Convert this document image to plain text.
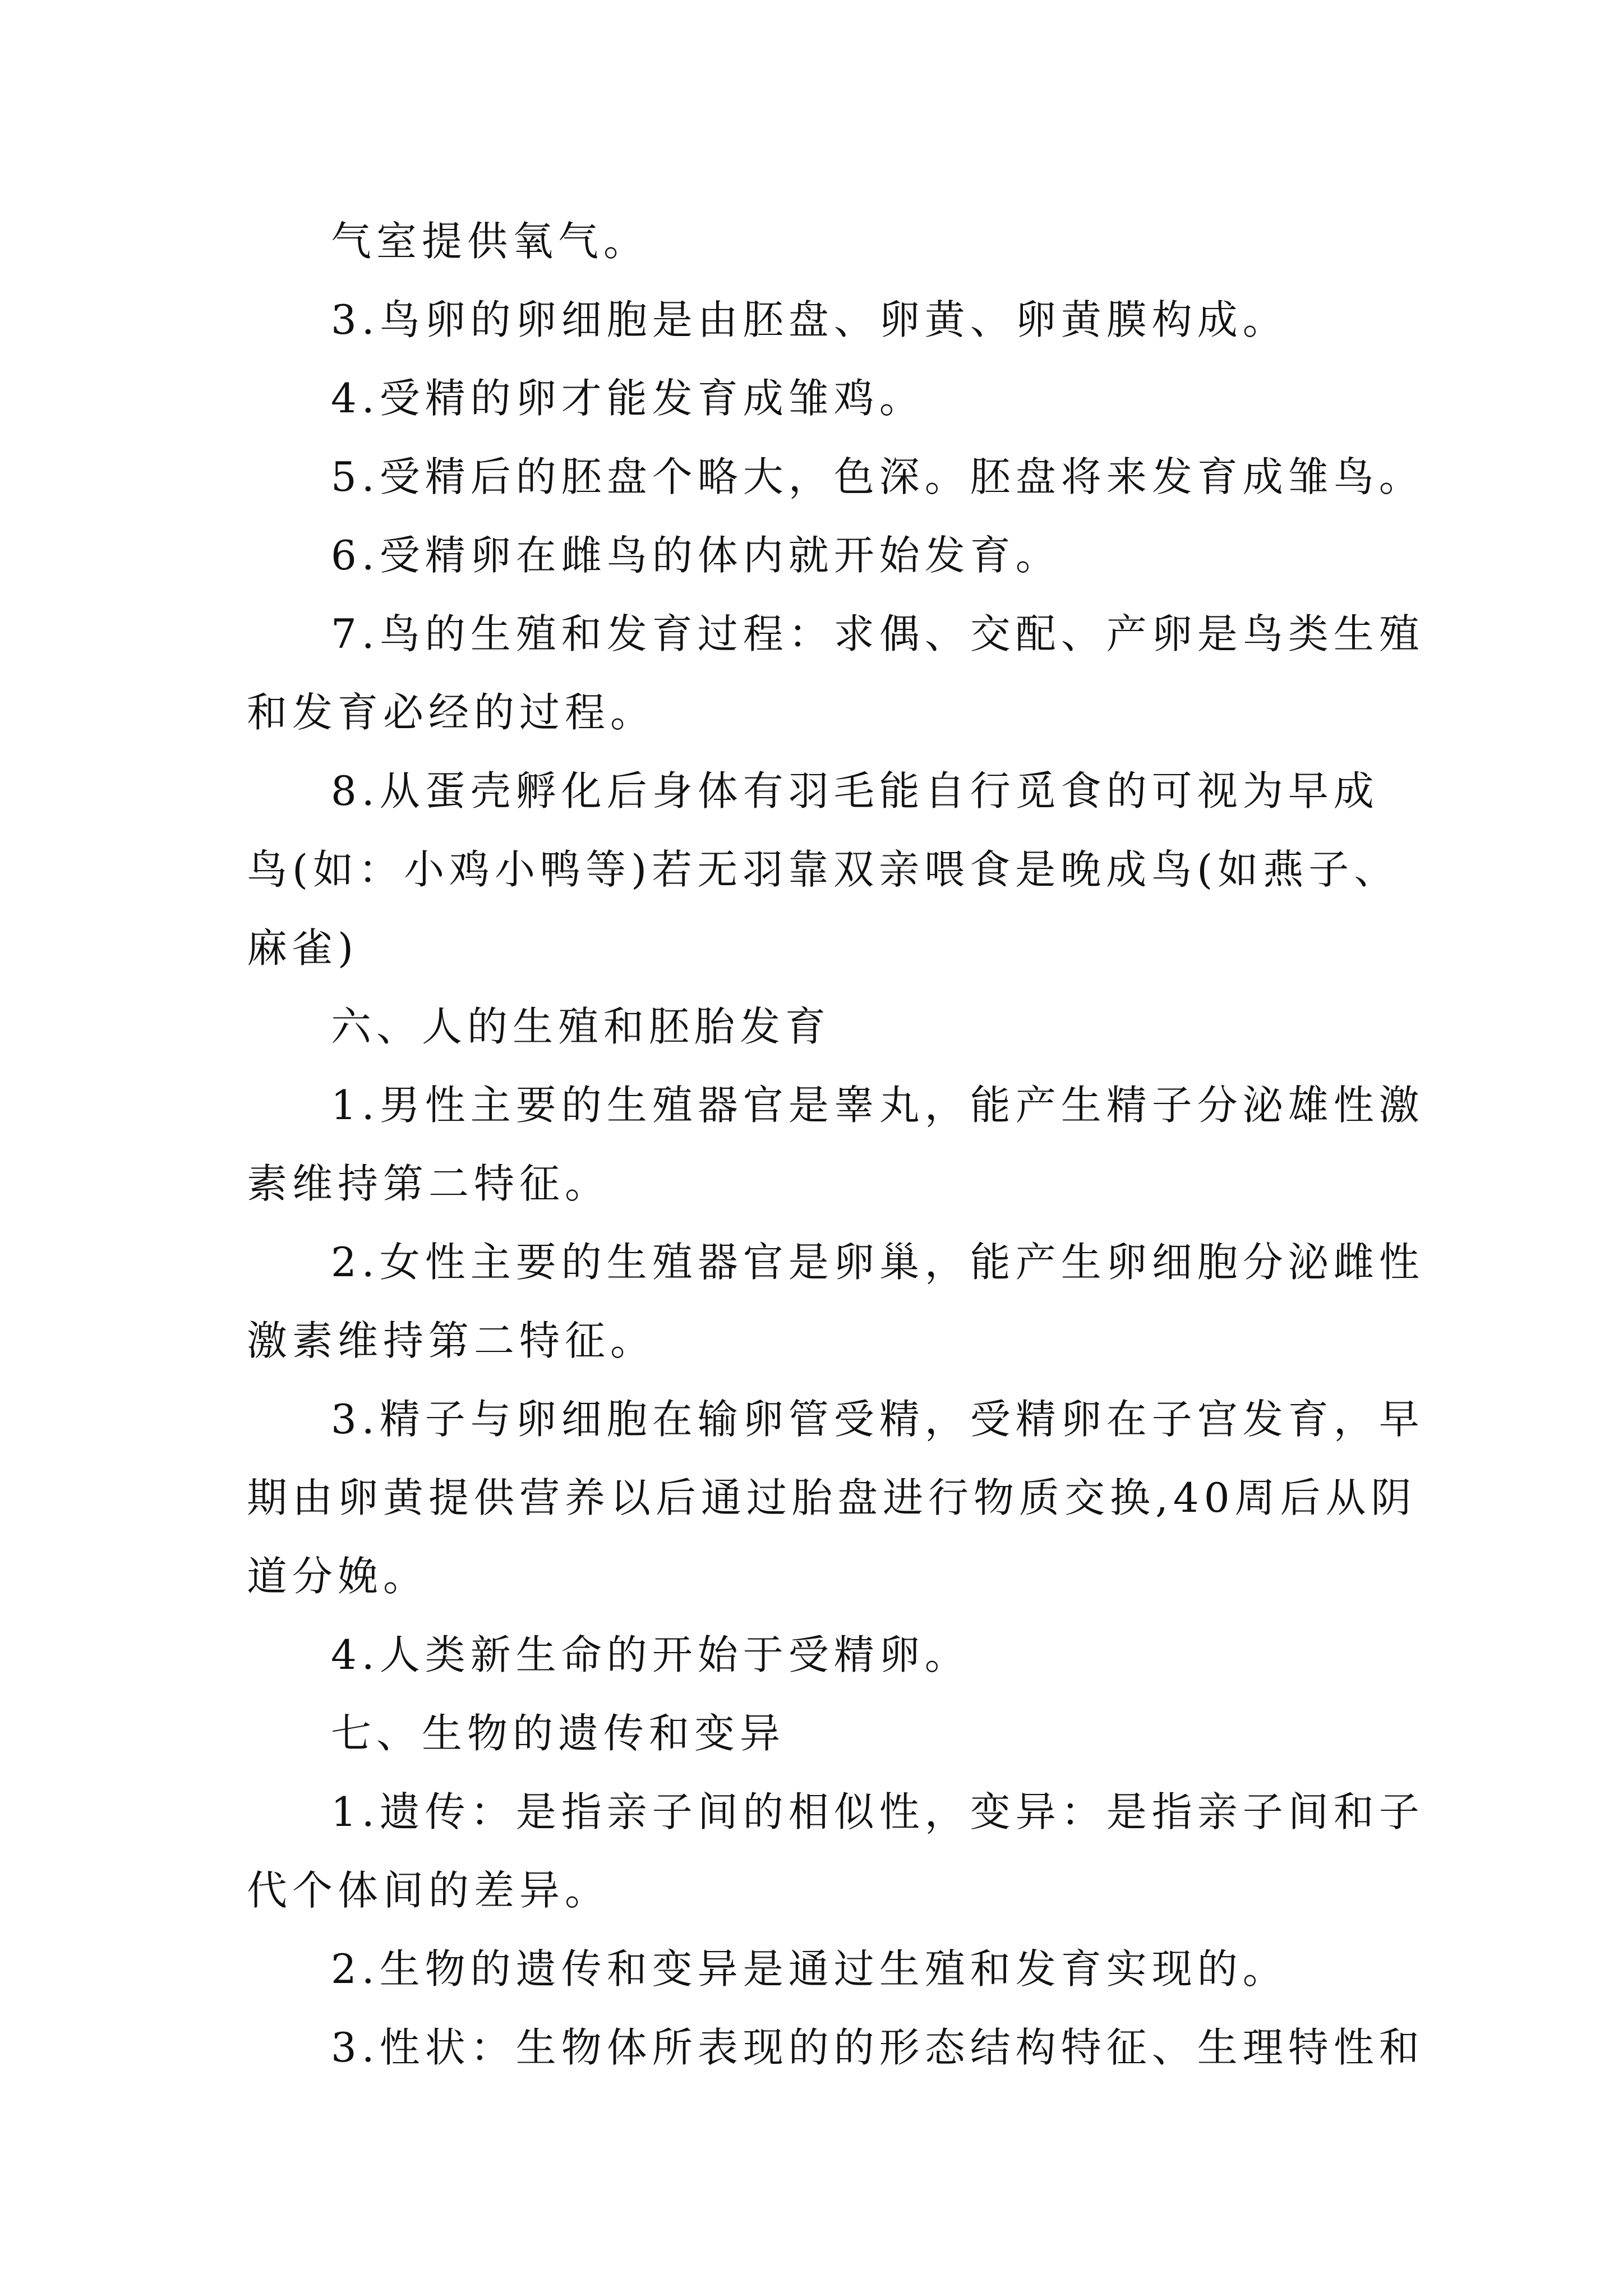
气室提供氧气。
3.鸟卵的卵细胞是由胚盘、卵黄、卵黄膜构成。
4.受精的卵才能发育成雏鸡。
5.受精后的胚盘个略大，色深。胚盘将来发育成雏鸟。
6.受精卵在雌鸟的体内就开始发育。
7.鸟的生殖和发育过程：求偶、交配、产卵是鸟类生殖
和发育必经的过程。
8.从蛋壳孵化后身体有羽毛能自行觅食的可视为早成
鸟(如：小鸡小鸭等)若无羽靠双亲喂食是晚成鸟(如燕子、
麻雀)
六、人的生殖和胚胎发育
1.男性主要的生殖器官是睾丸，能产生精子分泌雄性激
素维持第二特征。
2.女性主要的生殖器官是卵巢，能产生卵细胞分泌雌性
激素维持第二特征。
3.精子与卵细胞在输卵管受精，受精卵在子宫发育，早
期由卵黄提供营养以后通过胎盘进行物质交换,40周后从阴
道分娩。
4.人类新生命的开始于受精卵。
七、生物的遗传和变异
1.遗传：是指亲子间的相似性，变异：是指亲子间和子
代个体间的差异。
2.生物的遗传和变异是通过生殖和发育实现的。
3.性状：生物体所表现的的形态结构特征、生理特性和
